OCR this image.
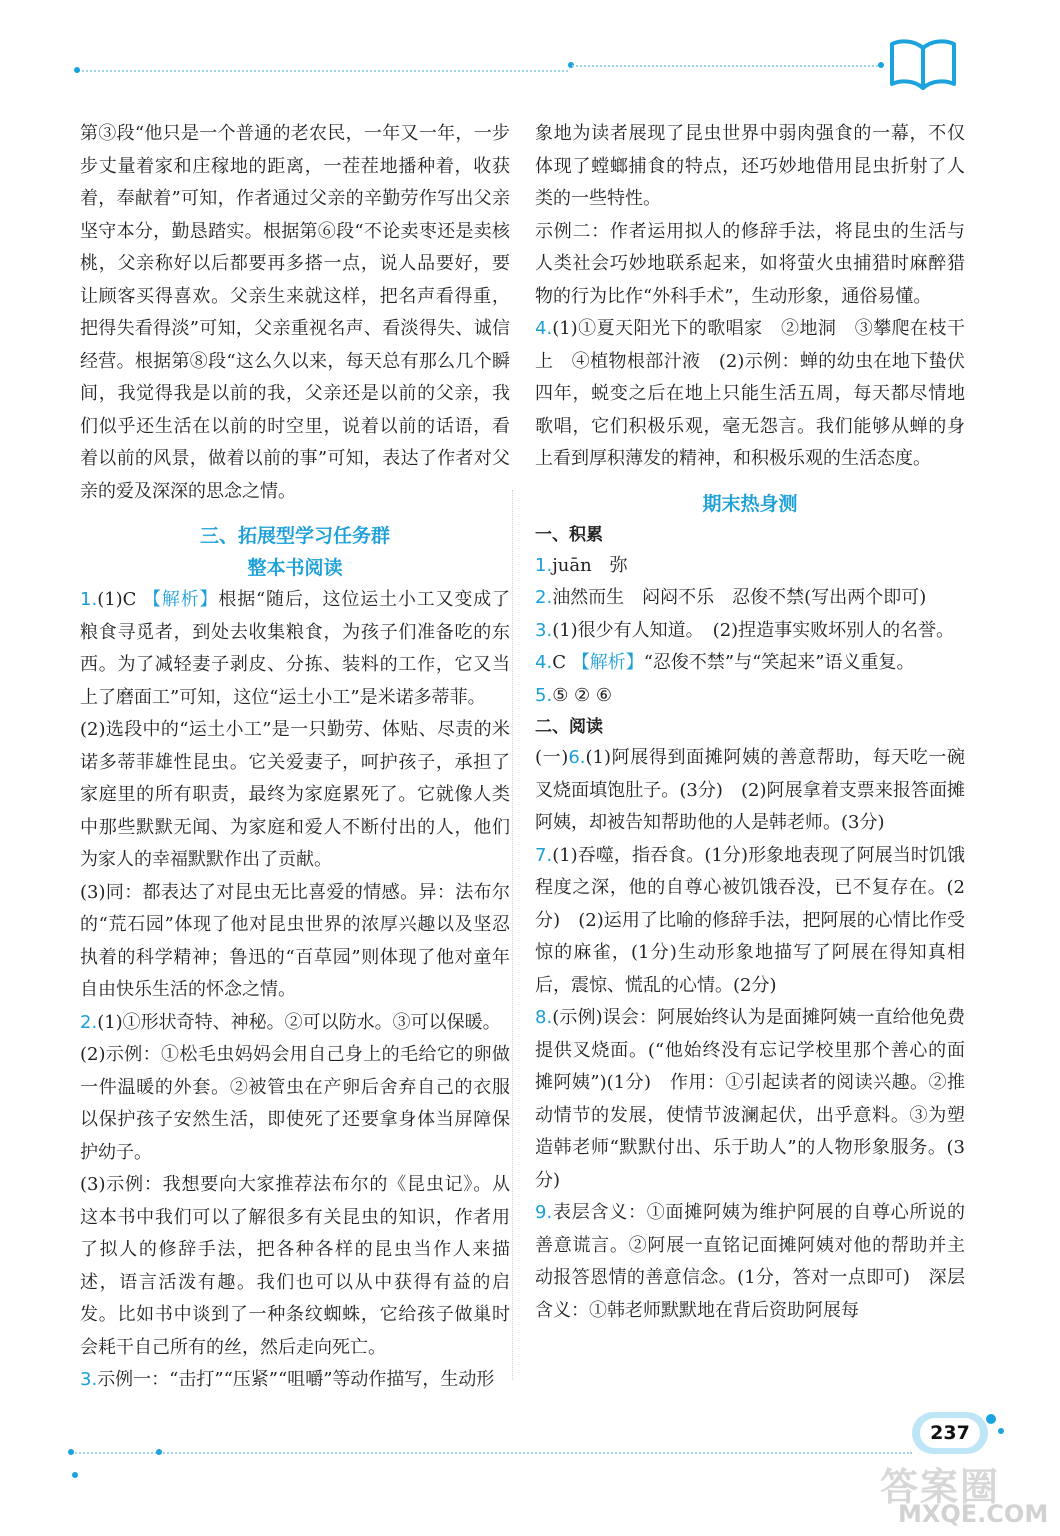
第③段“他只是一个普通的老农民，一年又一年，一步步丈量着家和庄稼地的距离，一茬茬地播种着，收获着，奉献着”可知，作者通过父亲的辛勤劳作写出父亲坚守本分，勤恳踏实。根据第⑥段“不论卖枣还是卖核桃，父亲称好以后都要再多搭一点，说人品要好，要让顾客买得喜欢。父亲生来就这样，把名声看得重，把得失看得淡”可知，父亲重视名声、看淡得失、诚信经营。根据第⑧段“这么久以来，每天总有那么几个瞬间，我觉得我是以前的我，父亲还是以前的父亲，我们似乎还生活在以前的时空里，说着以前的话语，看着以前的风景，做着以前的事”可知，表达了作者对父亲的爱及深深的思念之情。

三、拓展型学习任务群
整本书阅读

1.(1)C 【解析】根据“随后，这位运土小工又变成了粮食寻觅者，到处去收集粮食，为孩子们准备吃的东西。为了减轻妻子剥皮、分拣、装料的工作，它又当上了磨面工”可知，这位“运土小工”是米诺多蒂菲。

(2)选段中的“运土小工”是一只勤劳、体贴、尽责的米诺多蒂菲雄性昆虫。它关爱妻子，呵护孩子，承担了家庭里的所有职责，最终为家庭累死了。它就像人类中那些默默无闻、为家庭和爱人不断付出的人，他们为家人的幸福默默作出了贡献。

(3)同：都表达了对昆虫无比喜爱的情感。异：法布尔的“荒石园”体现了他对昆虫世界的浓厚兴趣以及坚忍执着的科学精神；鲁迅的“百草园”则体现了他对童年自由快乐生活的怀念之情。

2.(1)①形状奇特、神秘。②可以防水。③可以保暖。

(2)示例：①松毛虫妈妈会用自己身上的毛给它的卵做一件温暖的外套。②被管虫在产卵后舍弃自己的衣服以保护孩子安然生活，即使死了还要拿身体当屏障保护幼子。

(3)示例：我想要向大家推荐法布尔的《昆虫记》。从这本书中我们可以了解很多有关昆虫的知识，作者用了拟人的修辞手法，把各种各样的昆虫当作人来描述，语言活泼有趣。我们也可以从中获得有益的启发。比如书中谈到了一种条纹蜘蛛，它给孩子做巢时会耗干自己所有的丝，然后走向死亡。

3.示例一：“击打”“压紧”“咀嚼”等动作描写，生动形

象地为读者展现了昆虫世界中弱肉强食的一幕，不仅体现了螳螂捕食的特点，还巧妙地借用昆虫折射了人类的一些特性。

示例二：作者运用拟人的修辞手法，将昆虫的生活与人类社会巧妙地联系起来，如将萤火虫捕猎时麻醉猎物的行为比作“外科手术”，生动形象，通俗易懂。

4.(1)①夏天阳光下的歌唱家　②地洞　③攀爬在枝干上　④植物根部汁液　(2)示例：蝉的幼虫在地下蛰伏四年，蜕变之后在地上只能生活五周，每天都尽情地歌唱，它们积极乐观，毫无怨言。我们能够从蝉的身上看到厚积薄发的精神，和积极乐观的生活态度。

期末热身测
一、积累

1.juān　弥

2.油然而生　闷闷不乐　忍俊不禁(写出两个即可)

3.(1)很少有人知道。　(2)捏造事实败坏别人的名誉。

4.C 【解析】“忍俊不禁”与“笑起来”语义重复。

5.⑤ ② ⑥

二、阅读

(一)6.(1)阿展得到面摊阿姨的善意帮助，每天吃一碗叉烧面填饱肚子。(3分)　(2)阿展拿着支票来报答面摊阿姨，却被告知帮助他的人是韩老师。(3分)

7.(1)吞噬，指吞食。(1分)形象地表现了阿展当时饥饿程度之深，他的自尊心被饥饿吞没，已不复存在。(2分)　(2)运用了比喻的修辞手法，把阿展的心情比作受惊的麻雀，(1分)生动形象地描写了阿展在得知真相后，震惊、慌乱的心情。(2分)

8.(示例)误会：阿展始终认为是面摊阿姨一直给他免费提供叉烧面。(“他始终没有忘记学校里那个善心的面摊阿姨”)(1分)　作用：①引起读者的阅读兴趣。②推动情节的发展，使情节波澜起伏，出乎意料。③为塑造韩老师“默默付出、乐于助人”的人物形象服务。(3分)

9.表层含义：①面摊阿姨为维护阿展的自尊心所说的善意谎言。②阿展一直铭记面摊阿姨对他的帮助并主动报答恩情的善意信念。(1分，答对一点即可)　深层含义：①韩老师默默地在背后资助阿展每

237
答案圈
MXQE.COM
